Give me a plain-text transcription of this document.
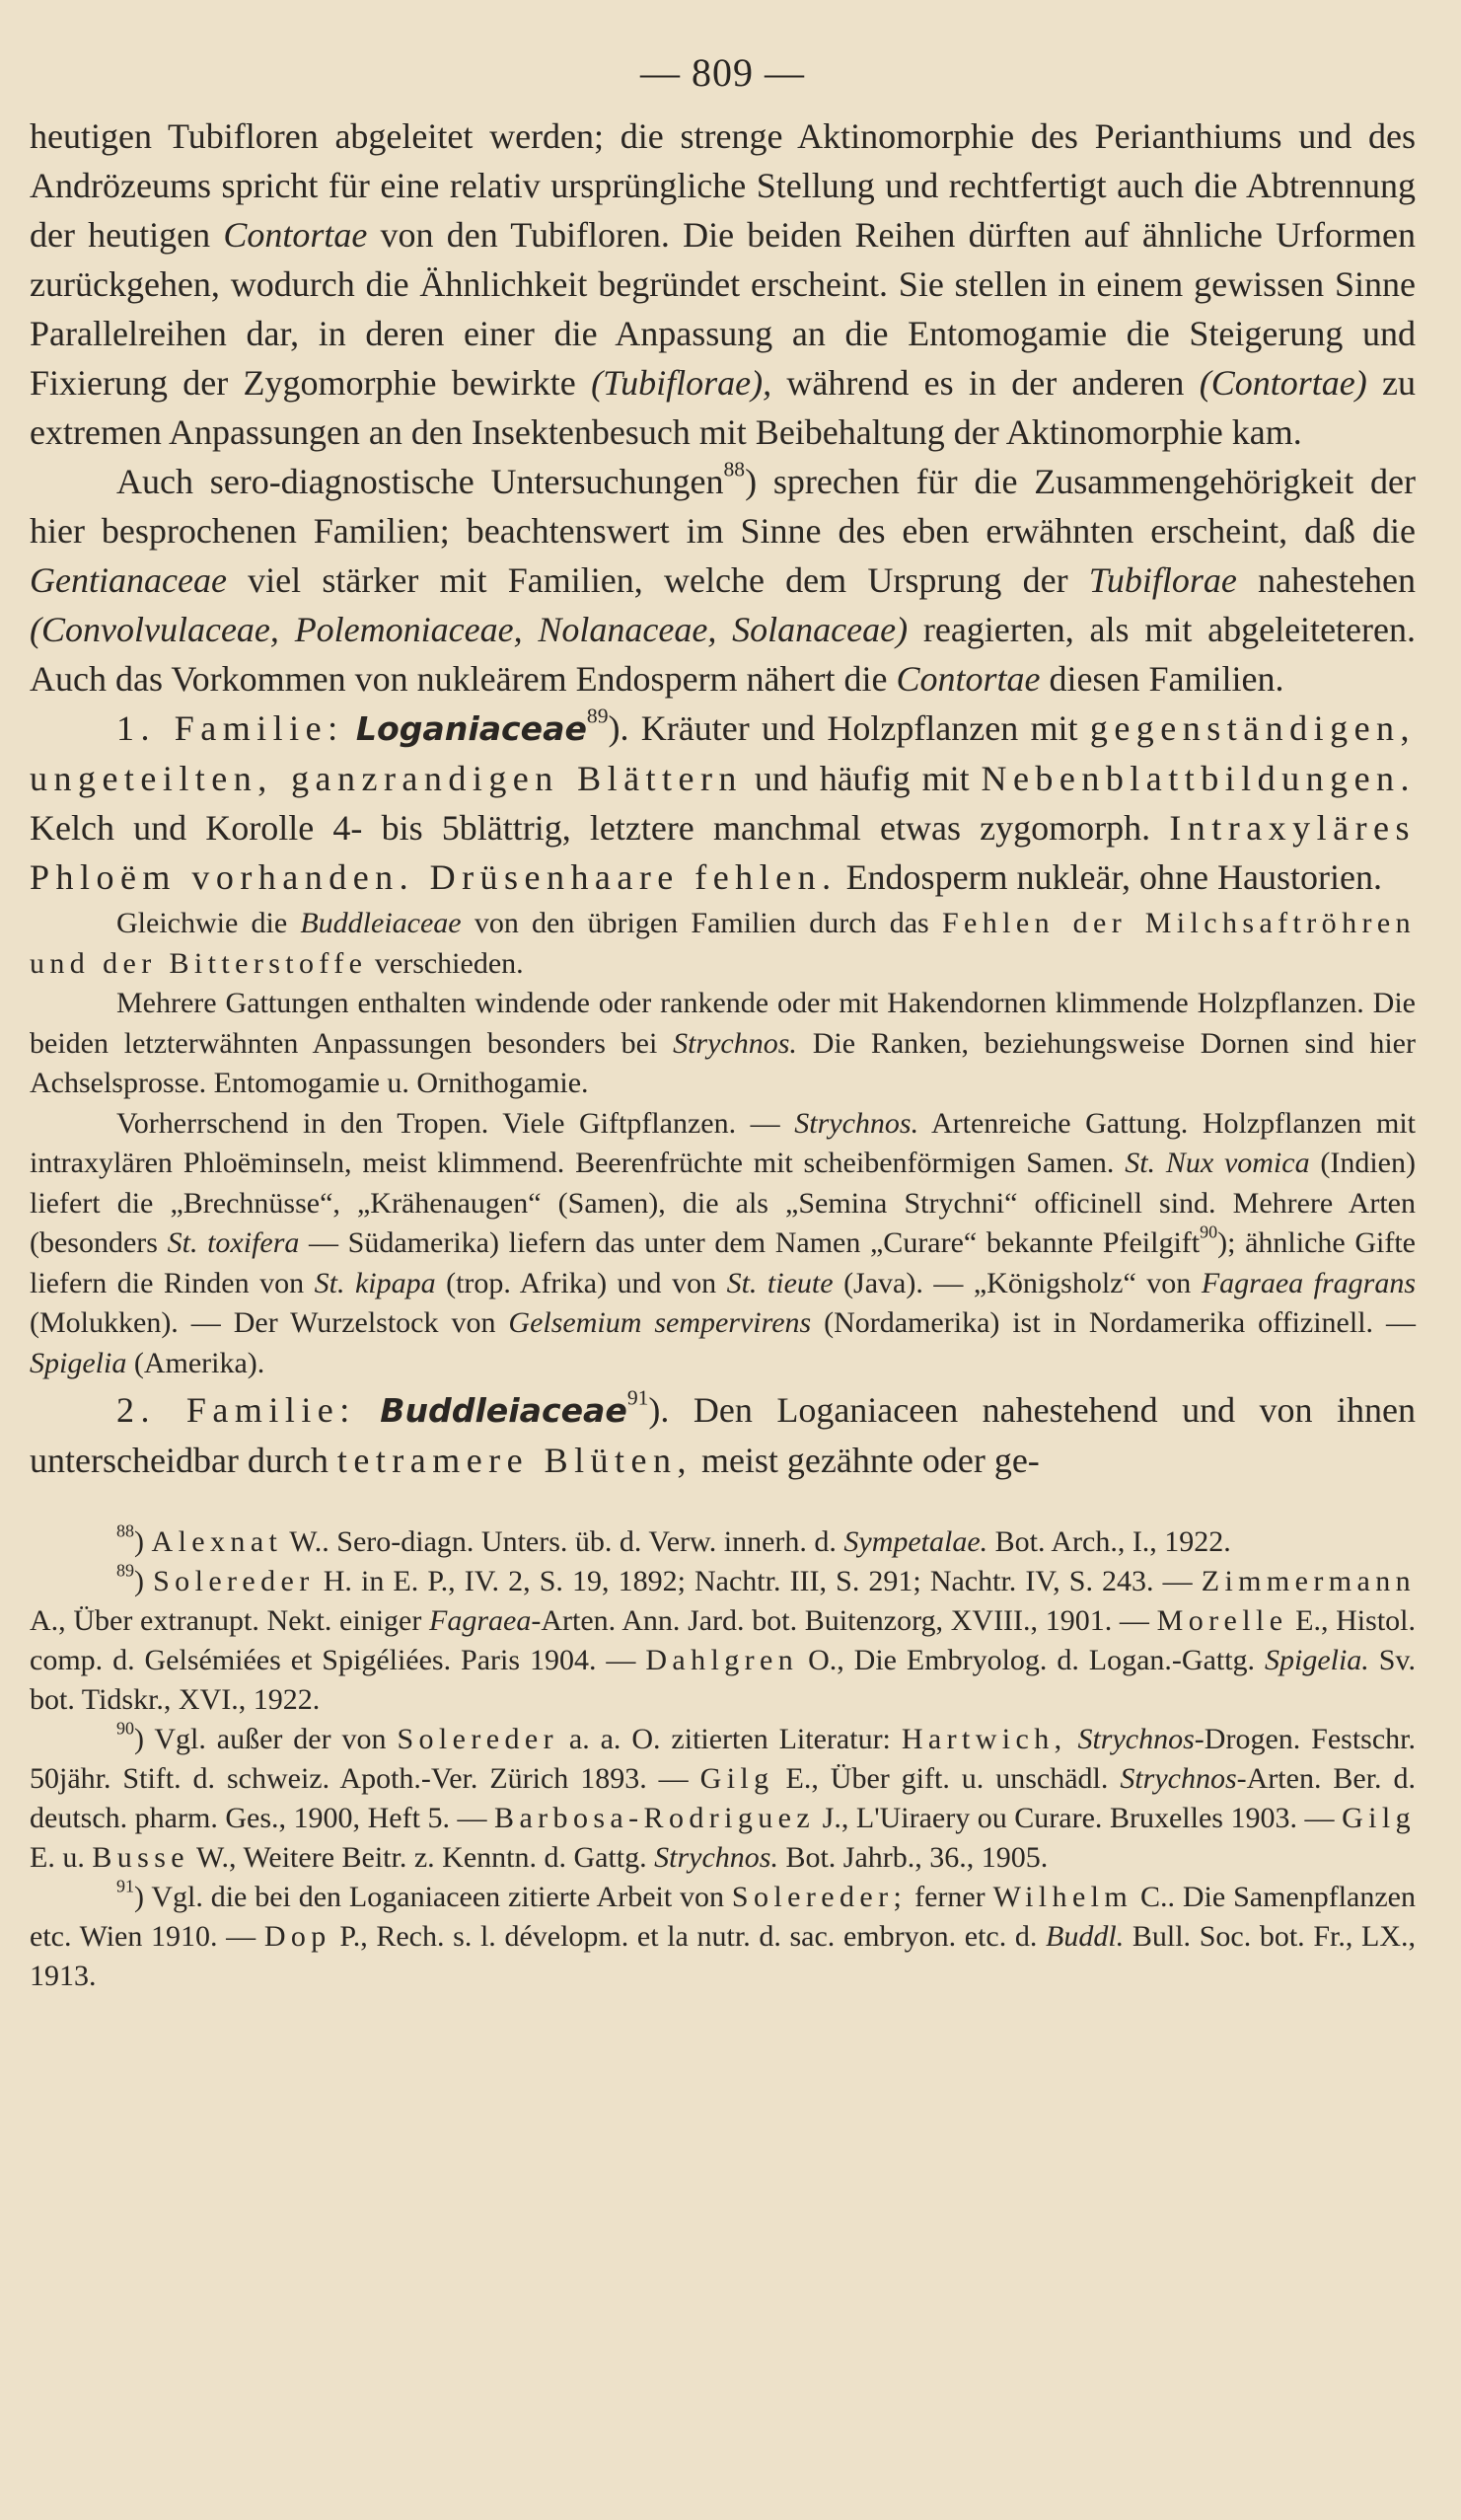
— 809 —

heutigen Tubifloren abgeleitet werden; die strenge Aktinomorphie des Perianthiums und des Andrözeums spricht für eine relativ ursprüngliche Stellung und rechtfertigt auch die Abtrennung der heutigen Contortae von den Tubifloren. Die beiden Reihen dürften auf ähnliche Urformen zurückgehen, wodurch die Ähnlichkeit begründet erscheint. Sie stellen in einem gewissen Sinne Parallelreihen dar, in deren einer die Anpassung an die Entomogamie die Steigerung und Fixierung der Zygomorphie bewirkte (Tubiflorae), während es in der anderen (Contortae) zu extremen Anpassungen an den Insektenbesuch mit Beibehaltung der Aktinomorphie kam.

Auch sero-diagnostische Untersuchungen$^{88}$) sprechen für die Zusammengehörigkeit der hier besprochenen Familien; beachtenswert im Sinne des eben erwähnten erscheint, daß die Gentianaceae viel stärker mit Familien, welche dem Ursprung der Tubiflorae nahestehen (Convolvulaceae, Polemoniaceae, Nolanaceae, Solanaceae) reagierten, als mit abgeleiteteren. Auch das Vorkommen von nukleärem Endosperm nähert die Contortae diesen Familien.

1. Familie: Loganiaceae$^{89}$). Kräuter und Holzpflanzen mit gegenständigen, ungeteilten, ganzrandigen Blättern und häufig mit Nebenblattbildungen. Kelch und Korolle 4- bis 5blättrig, letztere manchmal etwas zygomorph. Intraxyläres Phloëm vorhanden. Drüsenhaare fehlen. Endosperm nukleär, ohne Haustorien.

Gleichwie die Buddleiaceae von den übrigen Familien durch das Fehlen der Milchsaftröhren und der Bitterstoffe verschieden.

Mehrere Gattungen enthalten windende oder rankende oder mit Hakendornen klimmende Holzpflanzen. Die beiden letzterwähnten Anpassungen besonders bei Strychnos. Die Ranken, beziehungsweise Dornen sind hier Achselsprosse. Entomogamie u. Ornithogamie.

Vorherrschend in den Tropen. Viele Giftpflanzen. — Strychnos. Artenreiche Gattung. Holzpflanzen mit intraxylären Phloëminseln, meist klimmend. Beerenfrüchte mit scheibenförmigen Samen. St. Nux vomica (Indien) liefert die „Brechnüsse“, „Krähenaugen“ (Samen), die als „Semina Strychni“ officinell sind. Mehrere Arten (besonders St. toxifera — Südamerika) liefern das unter dem Namen „Curare“ bekannte Pfeilgift$^{90}$); ähnliche Gifte liefern die Rinden von St. kipapa (trop. Afrika) und von St. tieute (Java). — „Königsholz“ von Fagraea fragrans (Molukken). — Der Wurzelstock von Gelsemium sempervirens (Nordamerika) ist in Nordamerika offizinell. — Spigelia (Amerika).

2. Familie: Buddleiaceae$^{91}$). Den Loganiaceen nahestehend und von ihnen unterscheidbar durch tetramere Blüten, meist gezähnte oder ge-

$^{88}$) Alexnat W.. Sero-diagn. Unters. üb. d. Verw. innerh. d. Sympetalae. Bot. Arch., I., 1922.

$^{89}$) Solereder H. in E. P., IV. 2, S. 19, 1892; Nachtr. III, S. 291; Nachtr. IV, S. 243. — Zimmermann A., Über extranupt. Nekt. einiger Fagraea-Arten. Ann. Jard. bot. Buitenzorg, XVIII., 1901. — Morelle E., Histol. comp. d. Gelsémiées et Spigéliées. Paris 1904. — Dahlgren O., Die Embryolog. d. Logan.-Gattg. Spigelia. Sv. bot. Tidskr., XVI., 1922.

$^{90}$) Vgl. außer der von Solereder a. a. O. zitierten Literatur: Hartwich, Strychnos-Drogen. Festschr. 50jähr. Stift. d. schweiz. Apoth.-Ver. Zürich 1893. — Gilg E., Über gift. u. unschädl. Strychnos-Arten. Ber. d. deutsch. pharm. Ges., 1900, Heft 5. — Barbosa-Rodriguez J., L'Uiraery ou Curare. Bruxelles 1903. — Gilg E. u. Busse W., Weitere Beitr. z. Kenntn. d. Gattg. Strychnos. Bot. Jahrb., 36., 1905.

$^{91}$) Vgl. die bei den Loganiaceen zitierte Arbeit von Solereder; ferner Wilhelm C.. Die Samenpflanzen etc. Wien 1910. — Dop P., Rech. s. l. dévelopm. et la nutr. d. sac. embryon. etc. d. Buddl. Bull. Soc. bot. Fr., LX., 1913.
